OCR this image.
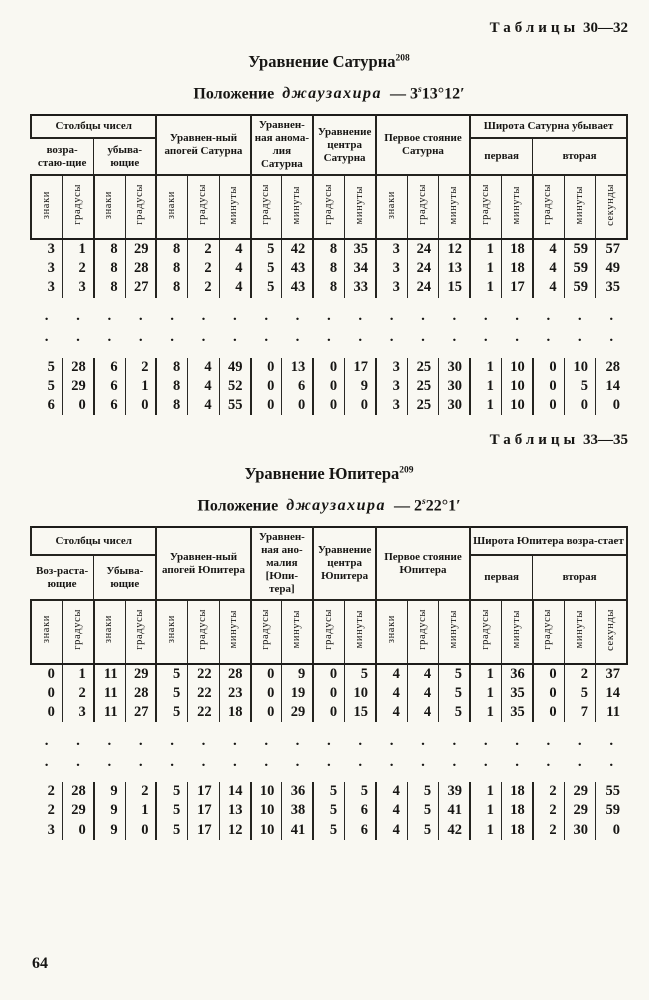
Таблицы 30—32
Уравнение Сатурна$^{208}$
Положение джаузахира — 3$^s$13°12′
Столбцы чисел				Уравнен-ный апогей Сатурна			Уравнен-ная анома-лия Сатурна		Уравнение центра Сатурна		Первое стояние Сатурна			Широта Сатурна убывает				
возра-стаю-щие		убыва-ющие												первая		вторая		
знаки	градусы	знаки	градусы	знаки	градусы	минуты	градусы	минуты	градусы	минуты	знаки	градусы	минуты	градусы	минуты	градусы	минуты	секунды
3	1	8	29	8	2	4	5	42	8	35	3	24	12	1	18	4	59	57
3	2	8	28	8	2	4	5	43	8	34	3	24	13	1	18	4	59	49
3	3	8	27	8	2	4	5	43	8	33	3	24	15	1	17	4	59	35

.	.	.	.	.	.	.	.	.	.	.	.	.	.	.	.	.	.	.
.	.	.	.	.	.	.	.	.	.	.	.	.	.	.	.	.	.	.

5	28	6	2	8	4	49	0	13	0	17	3	25	30	1	10	0	10	28
5	29	6	1	8	4	52	0	6	0	9	3	25	30	1	10	0	5	14
6	0	6	0	8	4	55	0	0	0	0	3	25	30	1	10	0	0	0
Таблицы 33—35
Уравнение Юпитера$^{209}$
Положение джаузахира — 2$^s$22°1′
Столбцы чисел				Уравнен-ный апогей Юпитера			Уравнен-ная ано-малия [Юпи-тера]		Уравнение центра Юпитера		Первое стояние Юпитера			Широта Юпитера возра-стает				
Воз-раста-ющие		Убыва-ющие												первая		вторая		
знаки	градусы	знаки	градусы	знаки	градусы	минуты	градусы	минуты	градусы	минуты	знаки	градусы	минуты	градусы	минуты	градусы	минуты	секунды
0	1	11	29	5	22	28	0	9	0	5	4	4	5	1	36	0	2	37
0	2	11	28	5	22	23	0	19	0	10	4	4	5	1	35	0	5	14
0	3	11	27	5	22	18	0	29	0	15	4	4	5	1	35	0	7	11

.	.	.	.	.	.	.	.	.	.	.	.	.	.	.	.	.	.	.
.	.	.	.	.	.	.	.	.	.	.	.	.	.	.	.	.	.	.

2	28	9	2	5	17	14	10	36	5	5	4	5	39	1	18	2	29	55
2	29	9	1	5	17	13	10	38	5	6	4	5	41	1	18	2	29	59
3	0	9	0	5	17	12	10	41	5	6	4	5	42	1	18	2	30	0
64
